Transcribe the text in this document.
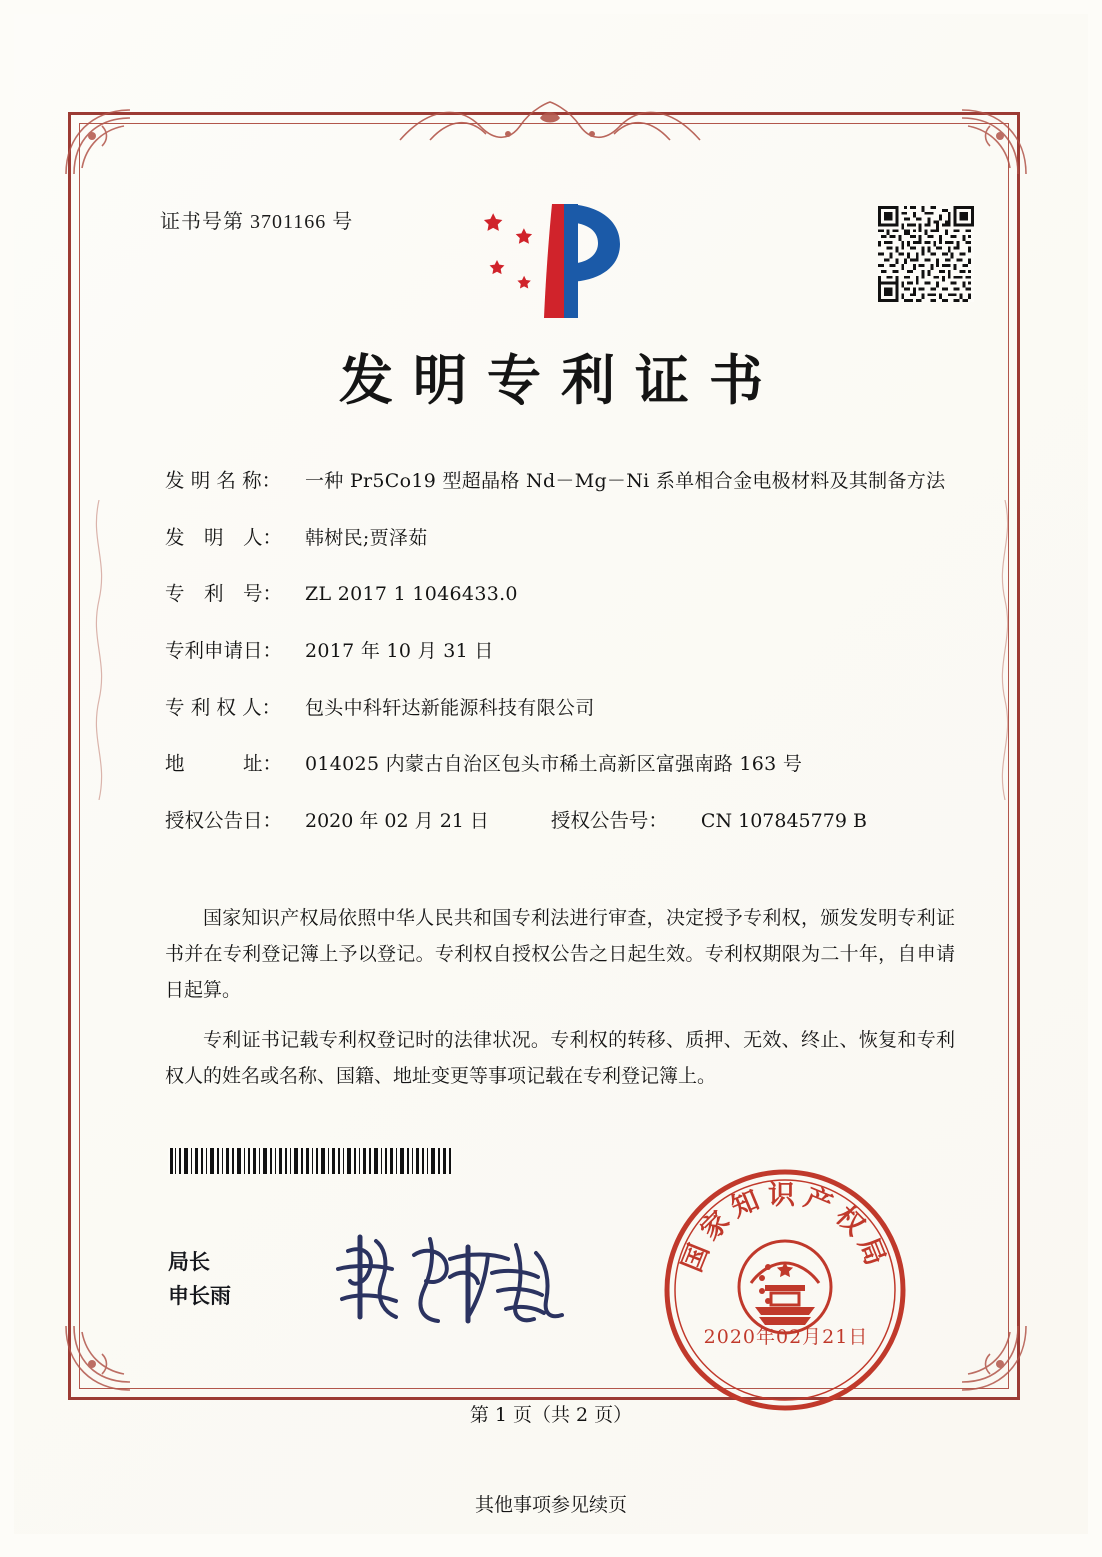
证书号第 3701166 号
发明专利证书
发 明 名 称：	一种 Pr5Co19 型超晶格 Nd－Mg－Ni 系单相合金电极材料及其制备方法
发　明　人：	韩树民;贾泽茹
专　利　号：	ZL 2017 1 1046433.0
专利申请日：	2017 年 10 月 31 日
专 利 权 人：	包头中科轩达新能源科技有限公司
地　　　址：	014025 内蒙古自治区包头市稀土高新区富强南路 163 号
授权公告日：	2020 年 02 月 21 日	授权公告号：	CN 107845779 B

国家知识产权局依照中华人民共和国专利法进行审查，决定授予专利权，颁发发明专利证书并在专利登记簿上予以登记。专利权自授权公告之日起生效。专利权期限为二十年，自申请日起算。

专利证书记载专利权登记时的法律状况。专利权的转移、质押、无效、终止、恢复和专利权人的姓名或名称、国籍、地址变更等事项记载在专利登记簿上。

局长
申长雨
国家知识产权局
2020年02月21日
第 1 页（共 2 页）
其他事项参见续页
